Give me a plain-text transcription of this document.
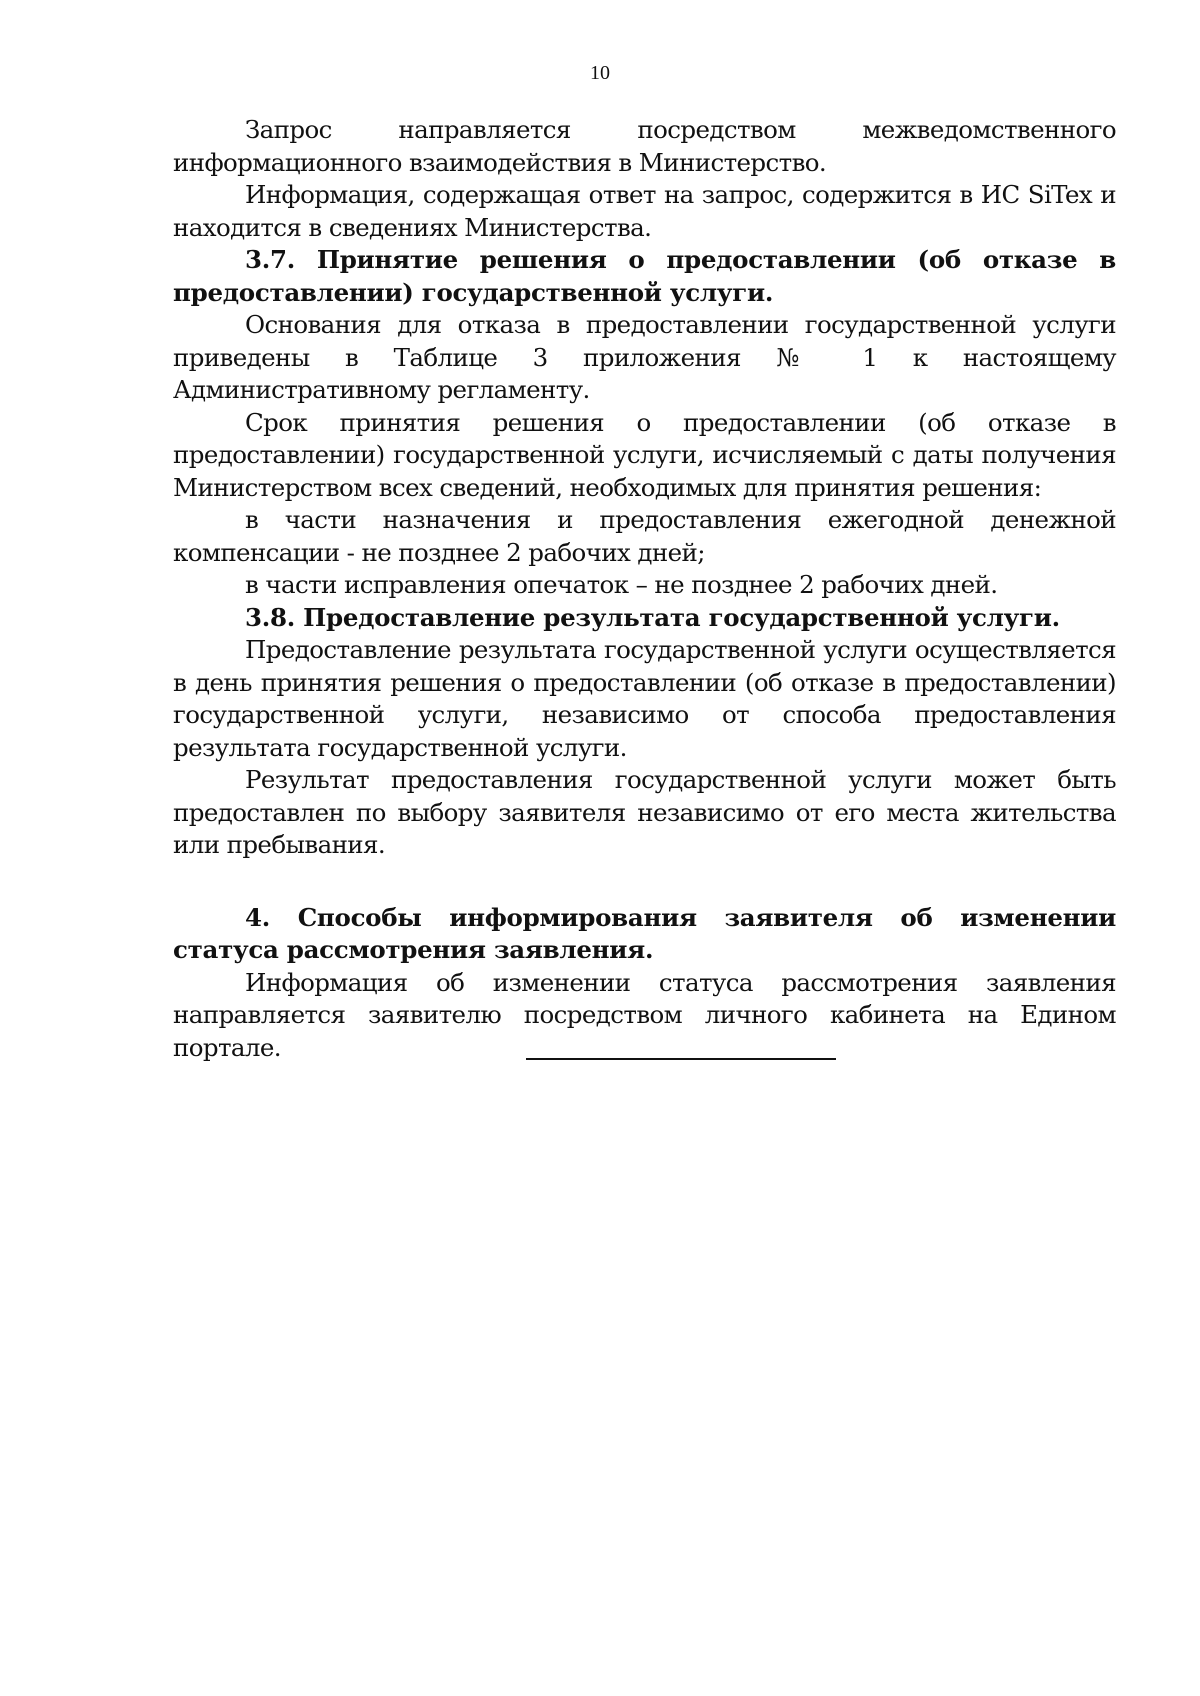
10

Запрос направляется посредством межведомственного информационного взаимодействия в Министерство.

Информация, содержащая ответ на запрос, содержится в ИС SiTex и находится в сведениях Министерства.

3.7. Принятие решения о предоставлении (об отказе в предоставлении) государственной услуги.

Основания для отказа в предоставлении государственной услуги приведены в Таблице 3 приложения № 1 к настоящему Административному регламенту.

Срок принятия решения о предоставлении (об отказе в предоставлении) государственной услуги, исчисляемый с даты получения Министерством всех сведений, необходимых для принятия решения:

в части назначения и предоставления ежегодной денежной компенсации - не позднее 2 рабочих дней;

в части исправления опечаток – не позднее 2 рабочих дней.

3.8. Предоставление результата государственной услуги.

Предоставление результата государственной услуги осуществляется в день принятия решения о предоставлении (об отказе в предоставлении) государственной услуги, независимо от способа предоставления результата государственной услуги.

Результат предоставления государственной услуги может быть предоставлен по выбору заявителя независимо от его места жительства или пребывания.

4. Способы информирования заявителя об изменении статуса рассмотрения заявления.

Информация об изменении статуса рассмотрения заявления направляется заявителю посредством личного кабинета на Едином портале.
